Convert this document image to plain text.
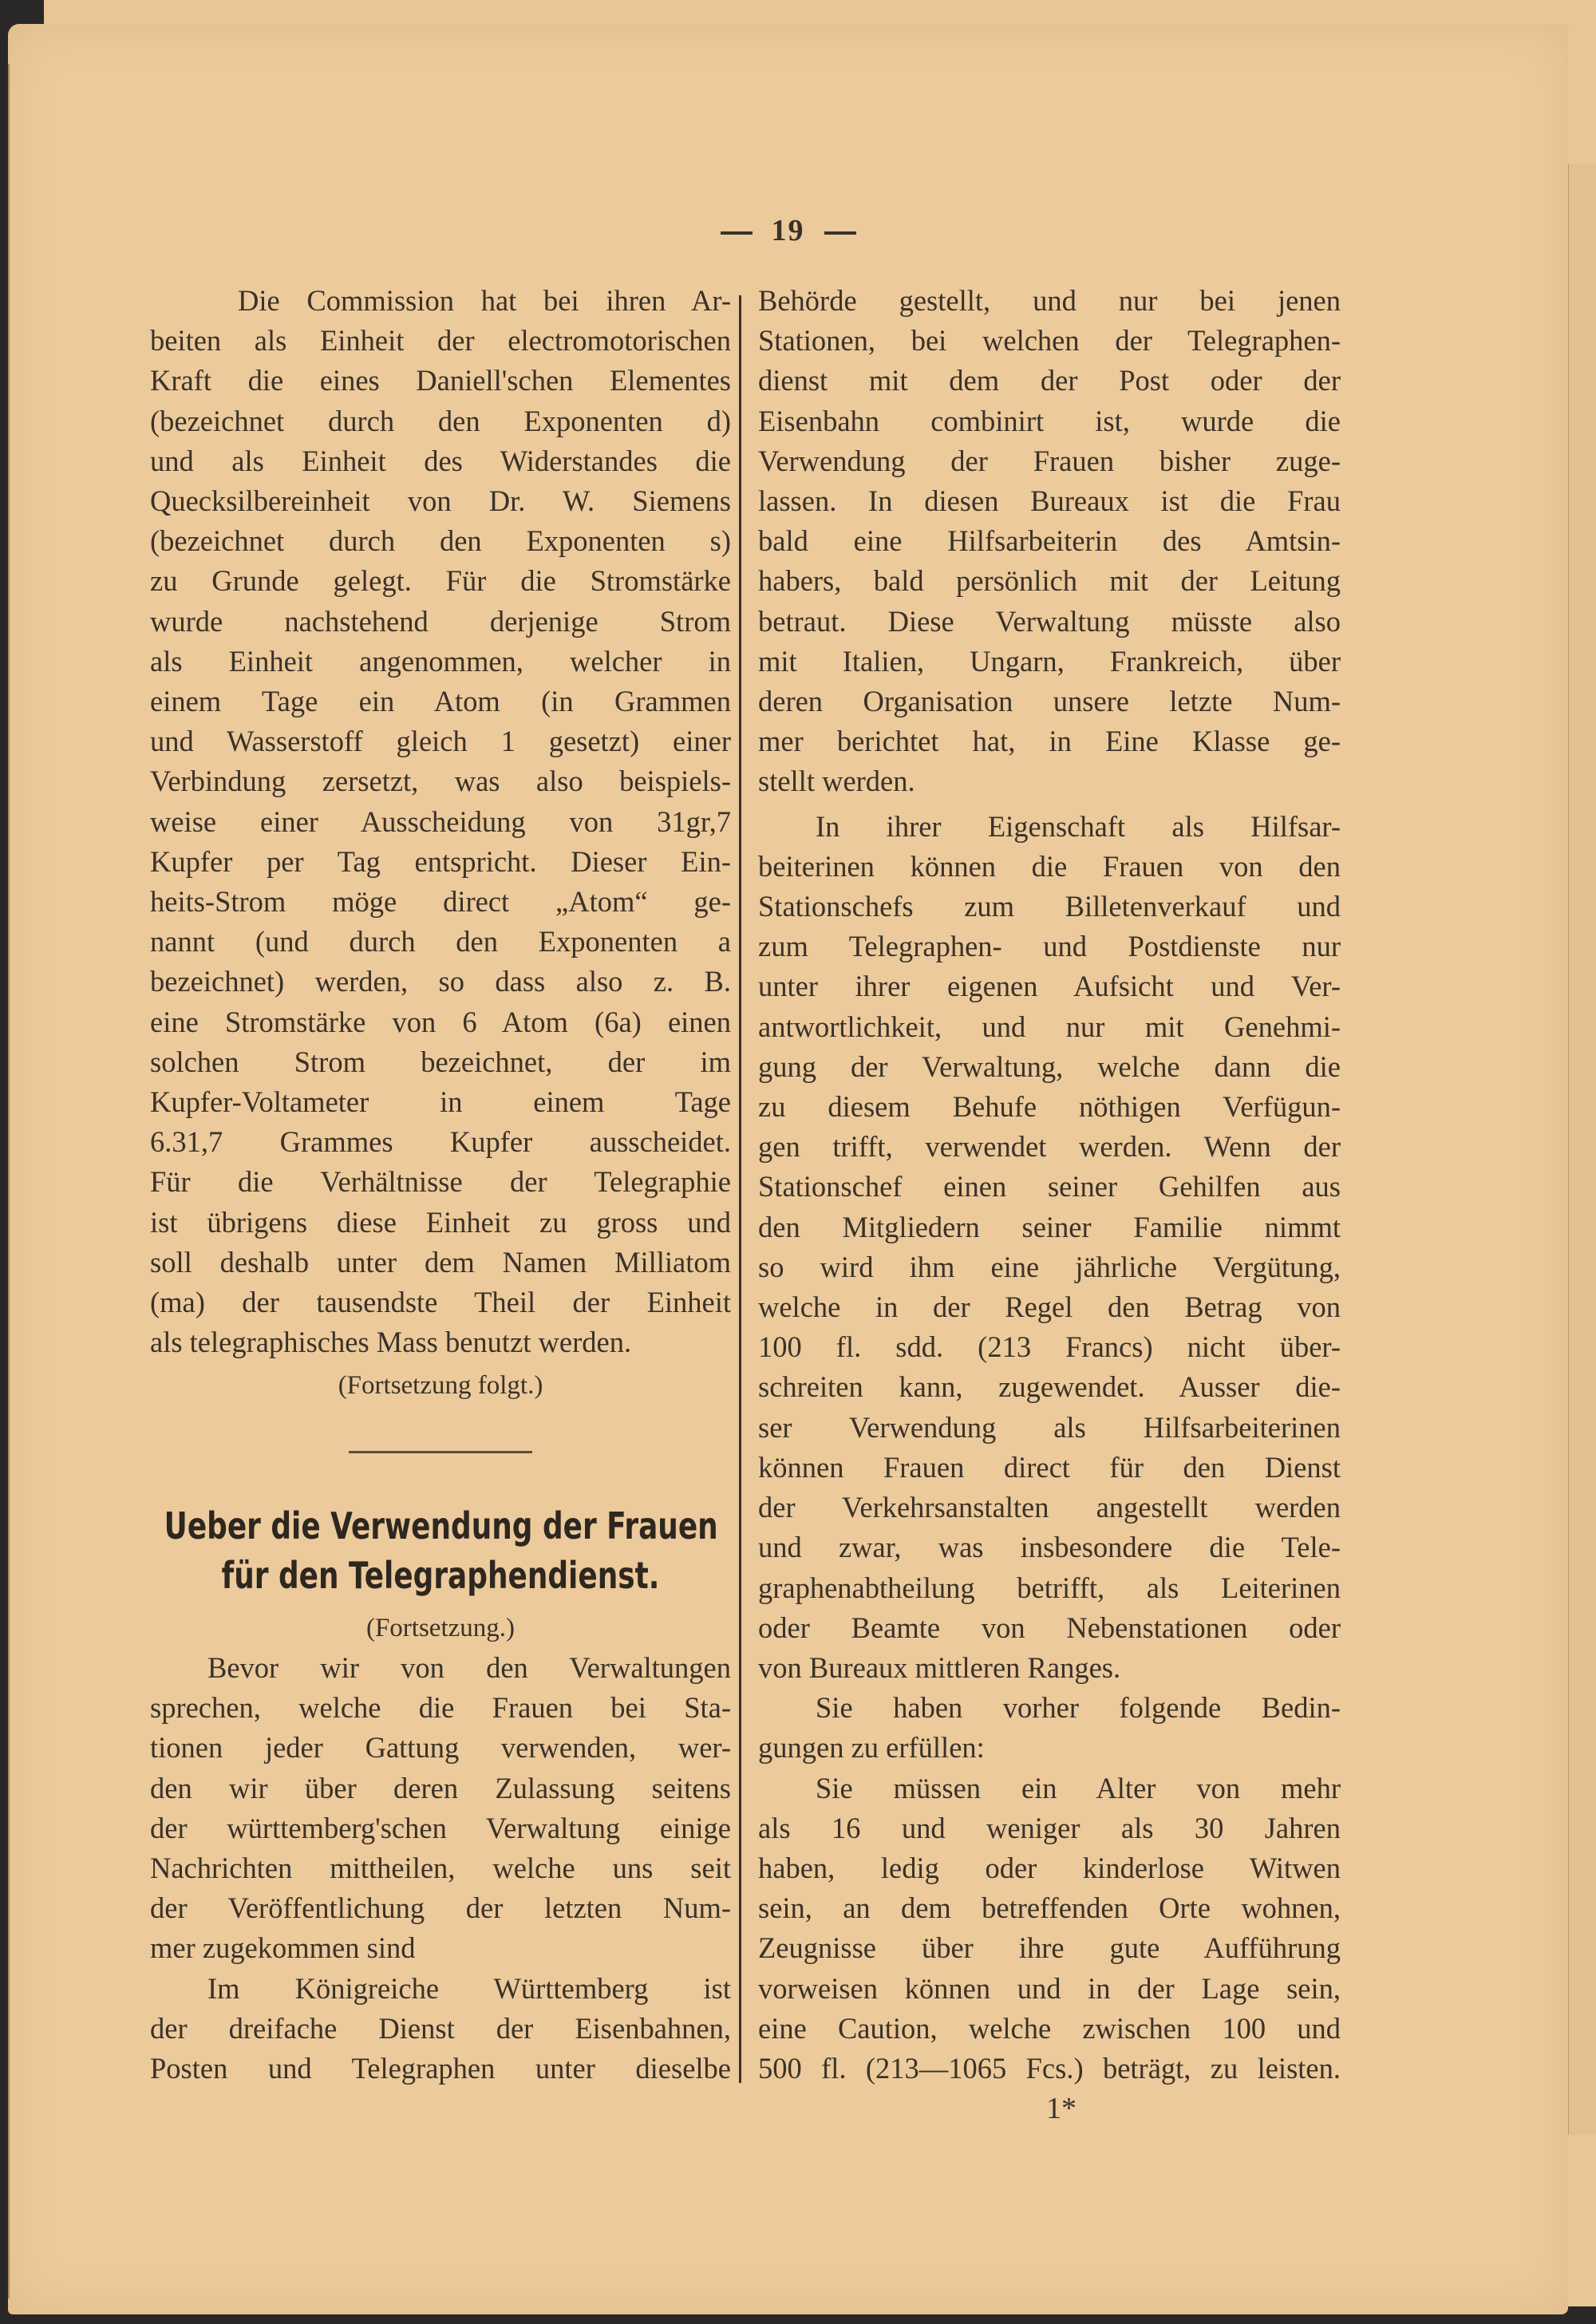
19

Die Commission hat bei ihren Ar-
beiten als Einheit der electromotorischen
Kraft die eines Daniell'schen Elementes
(bezeichnet durch den Exponenten d)
und als Einheit des Widerstandes die
Quecksilbereinheit von Dr. W. Siemens
(bezeichnet durch den Exponenten s)
zu Grunde gelegt. Für die Stromstärke
wurde nachstehend derjenige Strom
als Einheit angenommen, welcher in
einem Tage ein Atom (in Grammen
und Wasserstoff gleich 1 gesetzt) einer
Verbindung zersetzt, was also beispiels-
weise einer Ausscheidung von 31gr,7
Kupfer per Tag entspricht. Dieser Ein-
heits-Strom möge direct „Atom“ ge-
nannt (und durch den Exponenten a
bezeichnet) werden, so dass also z. B.
eine Stromstärke von 6 Atom (6a) einen
solchen Strom bezeichnet, der im
Kupfer-Voltameter in einem Tage
6.31,7 Grammes Kupfer ausscheidet.
Für die Verhältnisse der Telegraphie
ist übrigens diese Einheit zu gross und
soll deshalb unter dem Namen Milliatom
(ma) der tausendste Theil der Einheit
als telegraphisches Mass benutzt werden.

(Fortsetzung folgt.)

Ueber die Verwendung der Frauen
für den Telegraphendienst.

(Fortsetzung.)

Bevor wir von den Verwaltungen
sprechen, welche die Frauen bei Sta-
tionen jeder Gattung verwenden, wer-
den wir über deren Zulassung seitens
der württemberg'schen Verwaltung einige
Nachrichten mittheilen, welche uns seit
der Veröffentlichung der letzten Num-
mer zugekommen sind

Im Königreiche Württemberg ist
der dreifache Dienst der Eisenbahnen,
Posten und Telegraphen unter dieselbe

Behörde gestellt, und nur bei jenen
Stationen, bei welchen der Telegraphen-
dienst mit dem der Post oder der
Eisenbahn combinirt ist, wurde die
Verwendung der Frauen bisher zuge-
lassen. In diesen Bureaux ist die Frau
bald eine Hilfsarbeiterin des Amtsin-
habers, bald persönlich mit der Leitung
betraut. Diese Verwaltung müsste also
mit Italien, Ungarn, Frankreich, über
deren Organisation unsere letzte Num-
mer berichtet hat, in Eine Klasse ge-
stellt werden.

In ihrer Eigenschaft als Hilfsar-
beiterinen können die Frauen von den
Stationschefs zum Billetenverkauf und
zum Telegraphen- und Postdienste nur
unter ihrer eigenen Aufsicht und Ver-
antwortlichkeit, und nur mit Genehmi-
gung der Verwaltung, welche dann die
zu diesem Behufe nöthigen Verfügun-
gen trifft, verwendet werden. Wenn der
Stationschef einen seiner Gehilfen aus
den Mitgliedern seiner Familie nimmt
so wird ihm eine jährliche Vergütung,
welche in der Regel den Betrag von
100 fl. sdd. (213 Francs) nicht über-
schreiten kann, zugewendet. Ausser die-
ser Verwendung als Hilfsarbeiterinen
können Frauen direct für den Dienst
der Verkehrsanstalten angestellt werden
und zwar, was insbesondere die Tele-
graphenabtheilung betrifft, als Leiterinen
oder Beamte von Nebenstationen oder
von Bureaux mittleren Ranges.

Sie haben vorher folgende Bedin-
gungen zu erfüllen:

Sie müssen ein Alter von mehr
als 16 und weniger als 30 Jahren
haben, ledig oder kinderlose Witwen
sein, an dem betreffenden Orte wohnen,
Zeugnisse über ihre gute Aufführung
vorweisen können und in der Lage sein,
eine Caution, welche zwischen 100 und
500 fl. (213—1065 Fcs.) beträgt, zu leisten.

1*
